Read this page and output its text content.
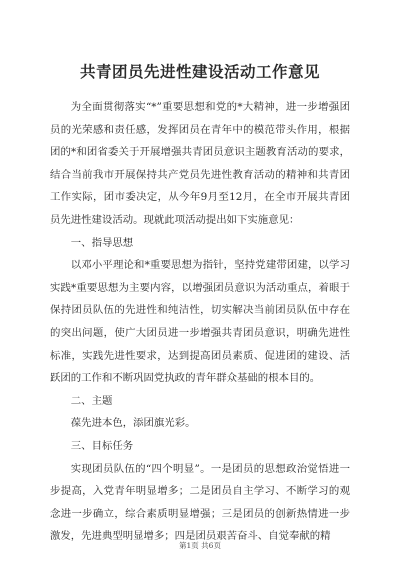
共青团员先进性建设活动工作意见

为全面贯彻落实“*”重要思想和党的*大精神，进一步增强团员的光荣感和责任感，发挥团员在青年中的模范带头作用，根据团的*和团省委关于开展增强共青团员意识主题教育活动的要求，结合当前我市开展保持共产党员先进性教育活动的精神和共青团工作实际，团市委决定，从今年9月至12月，在全市开展共青团员先进性建设活动。现就此项活动提出如下实施意见：

一、指导思想

以邓小平理论和*重要思想为指针，坚持党建带团建，以学习实践*重要思想为主要内容，以增强团员意识为活动重点，着眼于保持团员队伍的先进性和纯洁性，切实解决当前团员队伍中存在的突出问题，使广大团员进一步增强共青团员意识，明确先进性标准，实践先进性要求，达到提高团员素质、促进团的建设、活跃团的工作和不断巩固党执政的青年群众基础的根本目的。

二、主题

葆先进本色，添团旗光彩。

三、目标任务

实现团员队伍的“四个明显”。一是团员的思想政治觉悟进一步提高，入党青年明显增多；二是团员自主学习、不断学习的观念进一步确立，综合素质明显增强；三是团员的创新热情进一步激发，先进典型明显增多；四是团员艰苦奋斗、自觉奉献的精

第1页 共6页
